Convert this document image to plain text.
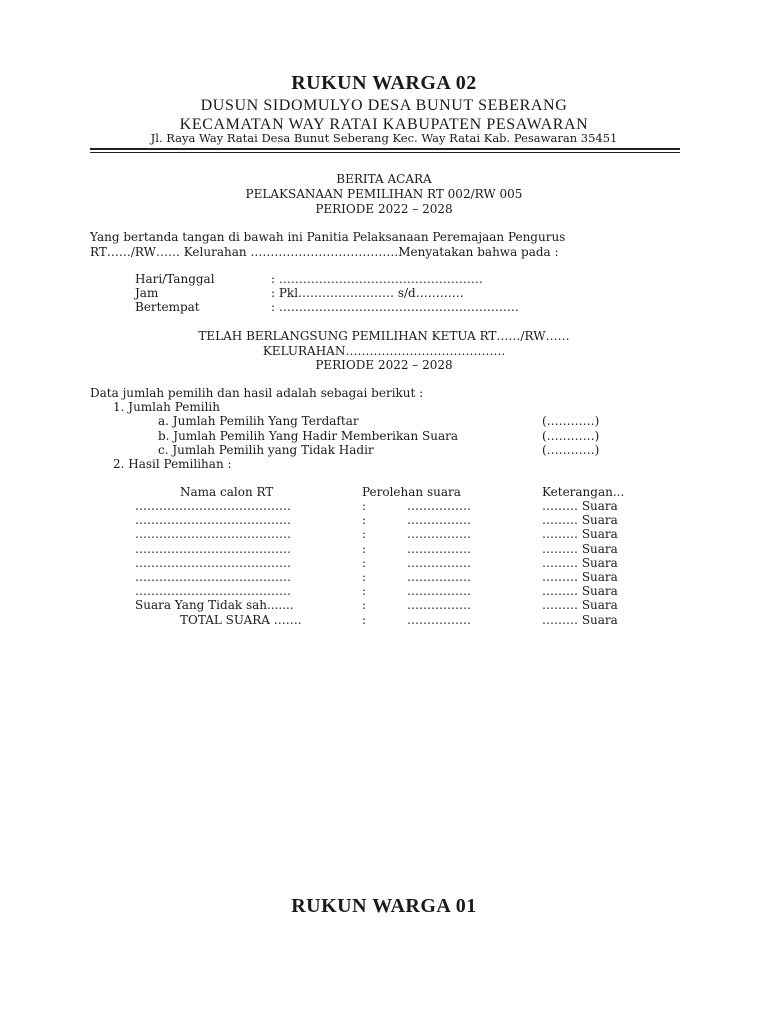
RUKUN WARGA 02
DUSUN SIDOMULYO DESA BUNUT SEBERANG
KECAMATAN WAY RATAI KABUPATEN PESAWARAN
Jl. Raya Way Ratai Desa Bunut Seberang Kec. Way Ratai Kab. Pesawaran 35451
BERITA ACARA
PELAKSANAAN PEMILIHAN RT 002/RW 005
PERIODE 2022 – 2028
Yang bertanda tangan di bawah ini Panitia Pelaksanaan Peremajaan Pengurus
RT……/RW…… Kelurahan ……………………………….Menyatakan bahwa pada :
Hari/Tanggal	: ……………………………………………
Jam	: Pkl…………………… s/d…………
Bertempat	: ……………………………………………………
TELAH BERLANGSUNG PEMILIHAN KETUA RT……/RW……
KELURAHAN………………………………….
PERIODE 2022 – 2028
Data jumlah pemilih dan hasil adalah sebagai berikut :
1. Jumlah Pemilih
a. Jumlah Pemilih Yang Terdaftar	(…………)
b. Jumlah Pemilih Yang Hadir Memberikan Suara	(…………)
c. Jumlah Pemilih yang Tidak Hadir	(…………)
2. Hasil Pemilihan :
Nama calon RT	Perolehan suara	Keterangan...
…………………………………	:	…………….	……… Suara
…………………………………	:	…………….	……… Suara
…………………………………	:	…………….	……… Suara
…………………………………	:	…………….	……… Suara
…………………………………	:	…………….	……… Suara
…………………………………	:	…………….	……… Suara
…………………………………	:	…………….	……… Suara
Suara Yang Tidak sah.......	:	…………….	……… Suara
TOTAL SUARA …….	:	…………….	……… Suara
RUKUN WARGA 01
